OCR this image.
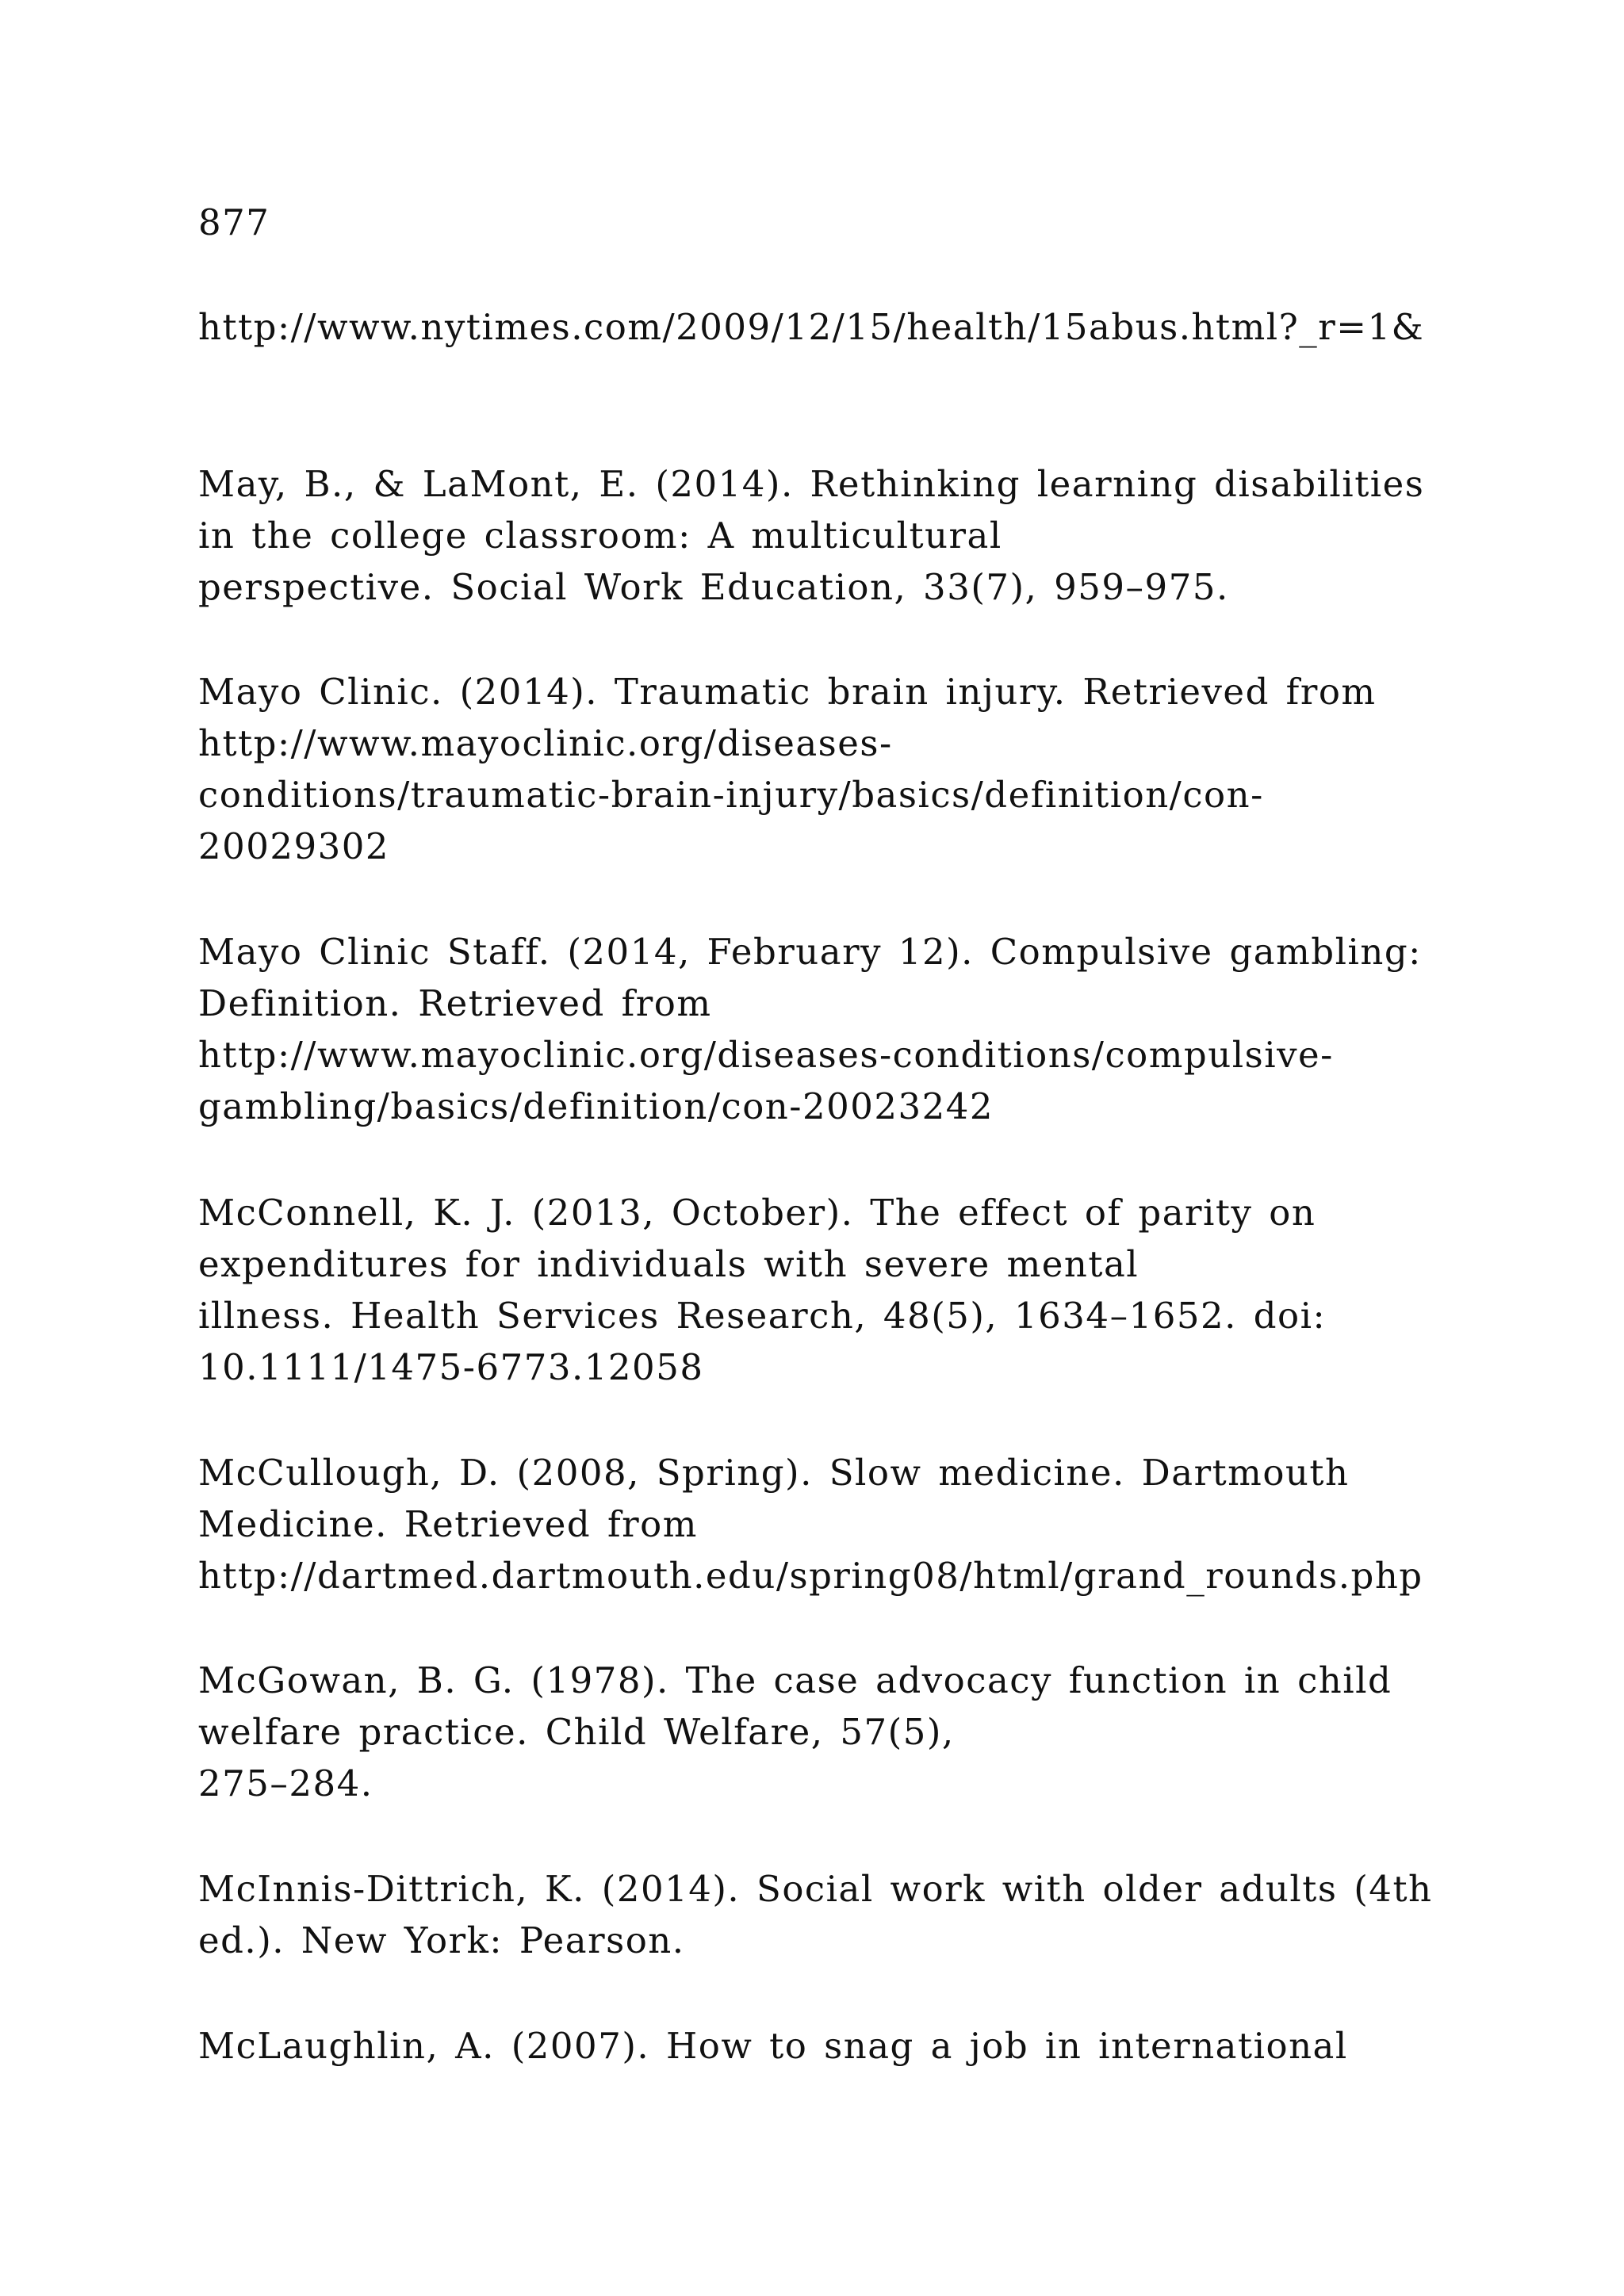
877

http://www.nytimes.com/2009/12/15/health/15abus.html?_r=1&

May, B., & LaMont, E. (2014). Rethinking learning disabilities
in the college classroom: A multicultural
perspective. Social Work Education, 33(7), 959–975.

Mayo Clinic. (2014). Traumatic brain injury. Retrieved from
http://www.mayoclinic.org/diseases-
conditions/traumatic-brain-injury/basics/definition/con-
20029302

Mayo Clinic Staff. (2014, February 12). Compulsive gambling:
Definition. Retrieved from
http://www.mayoclinic.org/diseases-conditions/compulsive-
gambling/basics/definition/con-20023242

McConnell, K. J. (2013, October). The effect of parity on
expenditures for individuals with severe mental
illness. Health Services Research, 48(5), 1634–1652. doi:
10.1111/1475-6773.12058

McCullough, D. (2008, Spring). Slow medicine. Dartmouth
Medicine. Retrieved from
http://dartmed.dartmouth.edu/spring08/html/grand_rounds.php

McGowan, B. G. (1978). The case advocacy function in child
welfare practice. Child Welfare, 57(5),
275–284.

McInnis-Dittrich, K. (2014). Social work with older adults (4th
ed.). New York: Pearson.

McLaughlin, A. (2007). How to snag a job in international
